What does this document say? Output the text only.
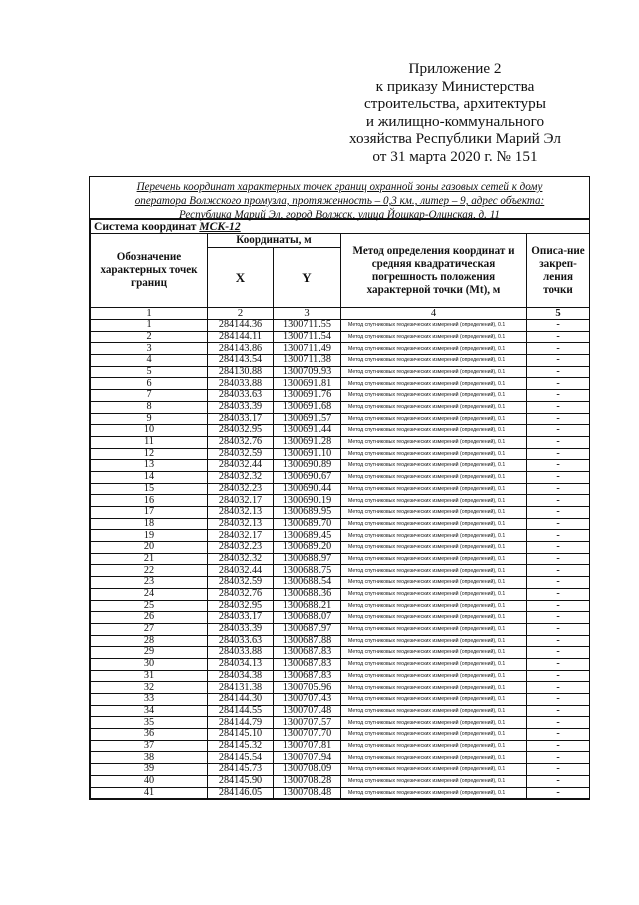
Приложение 2
к приказу Министерства
строительства, архитектуры
и жилищно-коммунального
хозяйства Республики Марий Эл
от 31 марта 2020 г. № 151
Перечень координат характерных точек границ охранной зоны газовых сетей к дому
оператора Волжского промузла, протяженность – 0,3 км., литер – 9, адрес объекта:
Республика Марий Эл, город Волжск, улица Йошкар-Олинская, д. 11
Система координат МСК-12				
Обозначение характерных точек границ	Координаты, м		Метод определения координат и средняя квадратическая погрешность положения характерной точки (Mt), м	Описа-ние закреп-ления точки
	X	Y		
1	2	3	4	5
1	284144.36	1300711.55	Метод спутниковых геодезических измерений (определений), 0.1	-
2	284144.11	1300711.54	Метод спутниковых геодезических измерений (определений), 0.1	-
3	284143.86	1300711.49	Метод спутниковых геодезических измерений (определений), 0.1	-
4	284143.54	1300711.38	Метод спутниковых геодезических измерений (определений), 0.1	-
5	284130.88	1300709.93	Метод спутниковых геодезических измерений (определений), 0.1	-
6	284033.88	1300691.81	Метод спутниковых геодезических измерений (определений), 0.1	-
7	284033.63	1300691.76	Метод спутниковых геодезических измерений (определений), 0.1	-
8	284033.39	1300691.68	Метод спутниковых геодезических измерений (определений), 0.1	-
9	284033.17	1300691.57	Метод спутниковых геодезических измерений (определений), 0.1	-
10	284032.95	1300691.44	Метод спутниковых геодезических измерений (определений), 0.1	-
11	284032.76	1300691.28	Метод спутниковых геодезических измерений (определений), 0.1	-
12	284032.59	1300691.10	Метод спутниковых геодезических измерений (определений), 0.1	-
13	284032.44	1300690.89	Метод спутниковых геодезических измерений (определений), 0.1	-
14	284032.32	1300690.67	Метод спутниковых геодезических измерений (определений), 0.1	-
15	284032.23	1300690.44	Метод спутниковых геодезических измерений (определений), 0.1	-
16	284032.17	1300690.19	Метод спутниковых геодезических измерений (определений), 0.1	-
17	284032.13	1300689.95	Метод спутниковых геодезических измерений (определений), 0.1	-
18	284032.13	1300689.70	Метод спутниковых геодезических измерений (определений), 0.1	-
19	284032.17	1300689.45	Метод спутниковых геодезических измерений (определений), 0.1	-
20	284032.23	1300689.20	Метод спутниковых геодезических измерений (определений), 0.1	-
21	284032.32	1300688.97	Метод спутниковых геодезических измерений (определений), 0.1	-
22	284032.44	1300688.75	Метод спутниковых геодезических измерений (определений), 0.1	-
23	284032.59	1300688.54	Метод спутниковых геодезических измерений (определений), 0.1	-
24	284032.76	1300688.36	Метод спутниковых геодезических измерений (определений), 0.1	-
25	284032.95	1300688.21	Метод спутниковых геодезических измерений (определений), 0.1	-
26	284033.17	1300688.07	Метод спутниковых геодезических измерений (определений), 0.1	-
27	284033.39	1300687.97	Метод спутниковых геодезических измерений (определений), 0.1	-
28	284033.63	1300687.88	Метод спутниковых геодезических измерений (определений), 0.1	-
29	284033.88	1300687.83	Метод спутниковых геодезических измерений (определений), 0.1	-
30	284034.13	1300687.83	Метод спутниковых геодезических измерений (определений), 0.1	-
31	284034.38	1300687.83	Метод спутниковых геодезических измерений (определений), 0.1	-
32	284131.38	1300705.96	Метод спутниковых геодезических измерений (определений), 0.1	-
33	284144.30	1300707.43	Метод спутниковых геодезических измерений (определений), 0.1	-
34	284144.55	1300707.48	Метод спутниковых геодезических измерений (определений), 0.1	-
35	284144.79	1300707.57	Метод спутниковых геодезических измерений (определений), 0.1	-
36	284145.10	1300707.70	Метод спутниковых геодезических измерений (определений), 0.1	-
37	284145.32	1300707.81	Метод спутниковых геодезических измерений (определений), 0.1	-
38	284145.54	1300707.94	Метод спутниковых геодезических измерений (определений), 0.1	-
39	284145.73	1300708.09	Метод спутниковых геодезических измерений (определений), 0.1	-
40	284145.90	1300708.28	Метод спутниковых геодезических измерений (определений), 0.1	-
41	284146.05	1300708.48	Метод спутниковых геодезических измерений (определений), 0.1	-
